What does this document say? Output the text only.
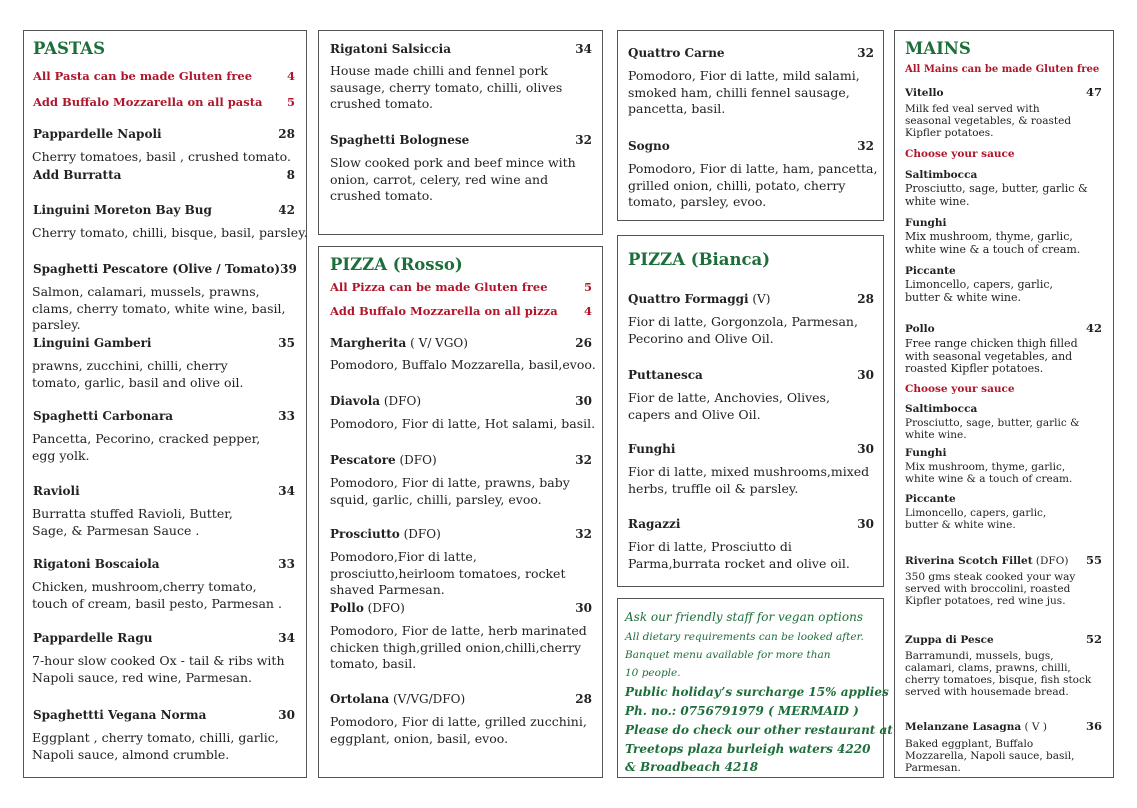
PASTAS
All Pasta can be made Gluten free	4
Add Buffalo Mozzarella on all pasta 5
Pappardelle Napoli	28
Cherry tomatoes, basil , crushed tomato.
Add Burratta	8
Linguini Moreton Bay Bug	42
Cherry tomato, chilli, bisque, basil, parsley.
Spaghetti Pescatore (Olive / Tomato) 39
Salmon, calamari, mussels, prawns, clams, cherry tomato, white wine, basil, parsley.
Linguini Gamberi	35
prawns, zucchini, chilli, cherry tomato, garlic, basil and olive oil.
Spaghetti Carbonara	33
Pancetta, Pecorino, cracked pepper, egg yolk.
Ravioli	34
Burratta stuffed Ravioli, Butter, Sage, & Parmesan Sauce .
Rigatoni Boscaiola	33
Chicken, mushroom,cherry tomato, touch of cream, basil pesto, Parmesan .
Pappardelle Ragu	34
7-hour slow cooked Ox - tail & ribs with Napoli sauce, red wine, Parmesan.
Spaghettti Vegana Norma	30
Eggplant , cherry tomato, chilli, garlic, Napoli sauce, almond crumble.
Rigatoni Salsiccia	34
House made chilli and fennel pork sausage, cherry tomato, chilli, olives crushed tomato.
Spaghetti Bolognese	32
Slow cooked pork and beef mince with onion, carrot, celery, red wine and crushed tomato.
PIZZA (Rosso)
All Pizza can be made Gluten free	5
Add Buffalo Mozzarella on all pizza 4
Margherita ( V/ VGO)	26
Pomodoro, Buffalo Mozzarella, basil,evoo.
Diavola (DFO)	30
Pomodoro, Fior di latte, Hot salami, basil.
Pescatore (DFO)	32
Pomodoro, Fior di latte, prawns, baby squid, garlic, chilli, parsley, evoo.
Prosciutto (DFO)	32
Pomodoro,Fior di latte, prosciutto,heirloom tomatoes, rocket shaved Parmesan.
Pollo (DFO)	30
Pomodoro, Fior de latte, herb marinated chicken thigh,grilled onion,chilli,cherry tomato, basil.
Ortolana (V/VG/DFO)	28
Pomodoro, Fior di latte, grilled zucchini, eggplant, onion, basil, evoo.
Quattro Carne	32
Pomodoro, Fior di latte, mild salami, smoked ham, chilli fennel sausage, pancetta, basil.
Sogno	32
Pomodoro, Fior di latte, ham, pancetta, grilled onion, chilli, potato, cherry tomato, parsley, evoo.
PIZZA (Bianca)
Quattro Formaggi (V)	28
Fior di latte, Gorgonzola, Parmesan, Pecorino and Olive Oil.
Puttanesca	30
Fior de latte, Anchovies, Olives, capers and Olive Oil.
Funghi	30
Fior di latte, mixed mushrooms,mixed herbs, truffle oil & parsley.
Ragazzi	30
Fior di latte, Prosciutto di Parma,burrata rocket and olive oil.
Ask our friendly staff for vegan options
All dietary requirements can be looked after.
Banquet menu available for more than
10 people.
Public holiday’s surcharge 15% applies
Ph. no.: 0756791979 ( MERMAID )
Please do check our other restaurant at
Treetops plaza burleigh waters 4220
& Broadbeach 4218
MAINS
All Mains can be made Gluten free
Vitello	47
Milk fed veal served with seasonal vegetables, & roasted Kipfler potatoes.
Choose your sauce
Saltimbocca
Prosciutto, sage, butter, garlic & white wine.
Funghi
Mix mushroom, thyme, garlic, white wine & a touch of cream.
Piccante
Limoncello, capers, garlic, butter & white wine.
Pollo	42
Free range chicken thigh filled with seasonal vegetables, and roasted Kipfler potatoes.
Choose your sauce
Saltimbocca
Prosciutto, sage, butter, garlic & white wine.
Funghi
Mix mushroom, thyme, garlic, white wine & a touch of cream.
Piccante
Limoncello, capers, garlic, butter & white wine.
Riverina Scotch Fillet (DFO) 55
350 gms steak cooked your way served with broccolini, roasted Kipfler potatoes, red wine jus.
Zuppa di Pesce	52
Barramundi, mussels, bugs, calamari, clams, prawns, chilli, cherry tomatoes, bisque, fish stock served with housemade bread.
Melanzane Lasagna ( V )	36
Baked eggplant, Buffalo Mozzarella, Napoli sauce, basil, Parmesan.
